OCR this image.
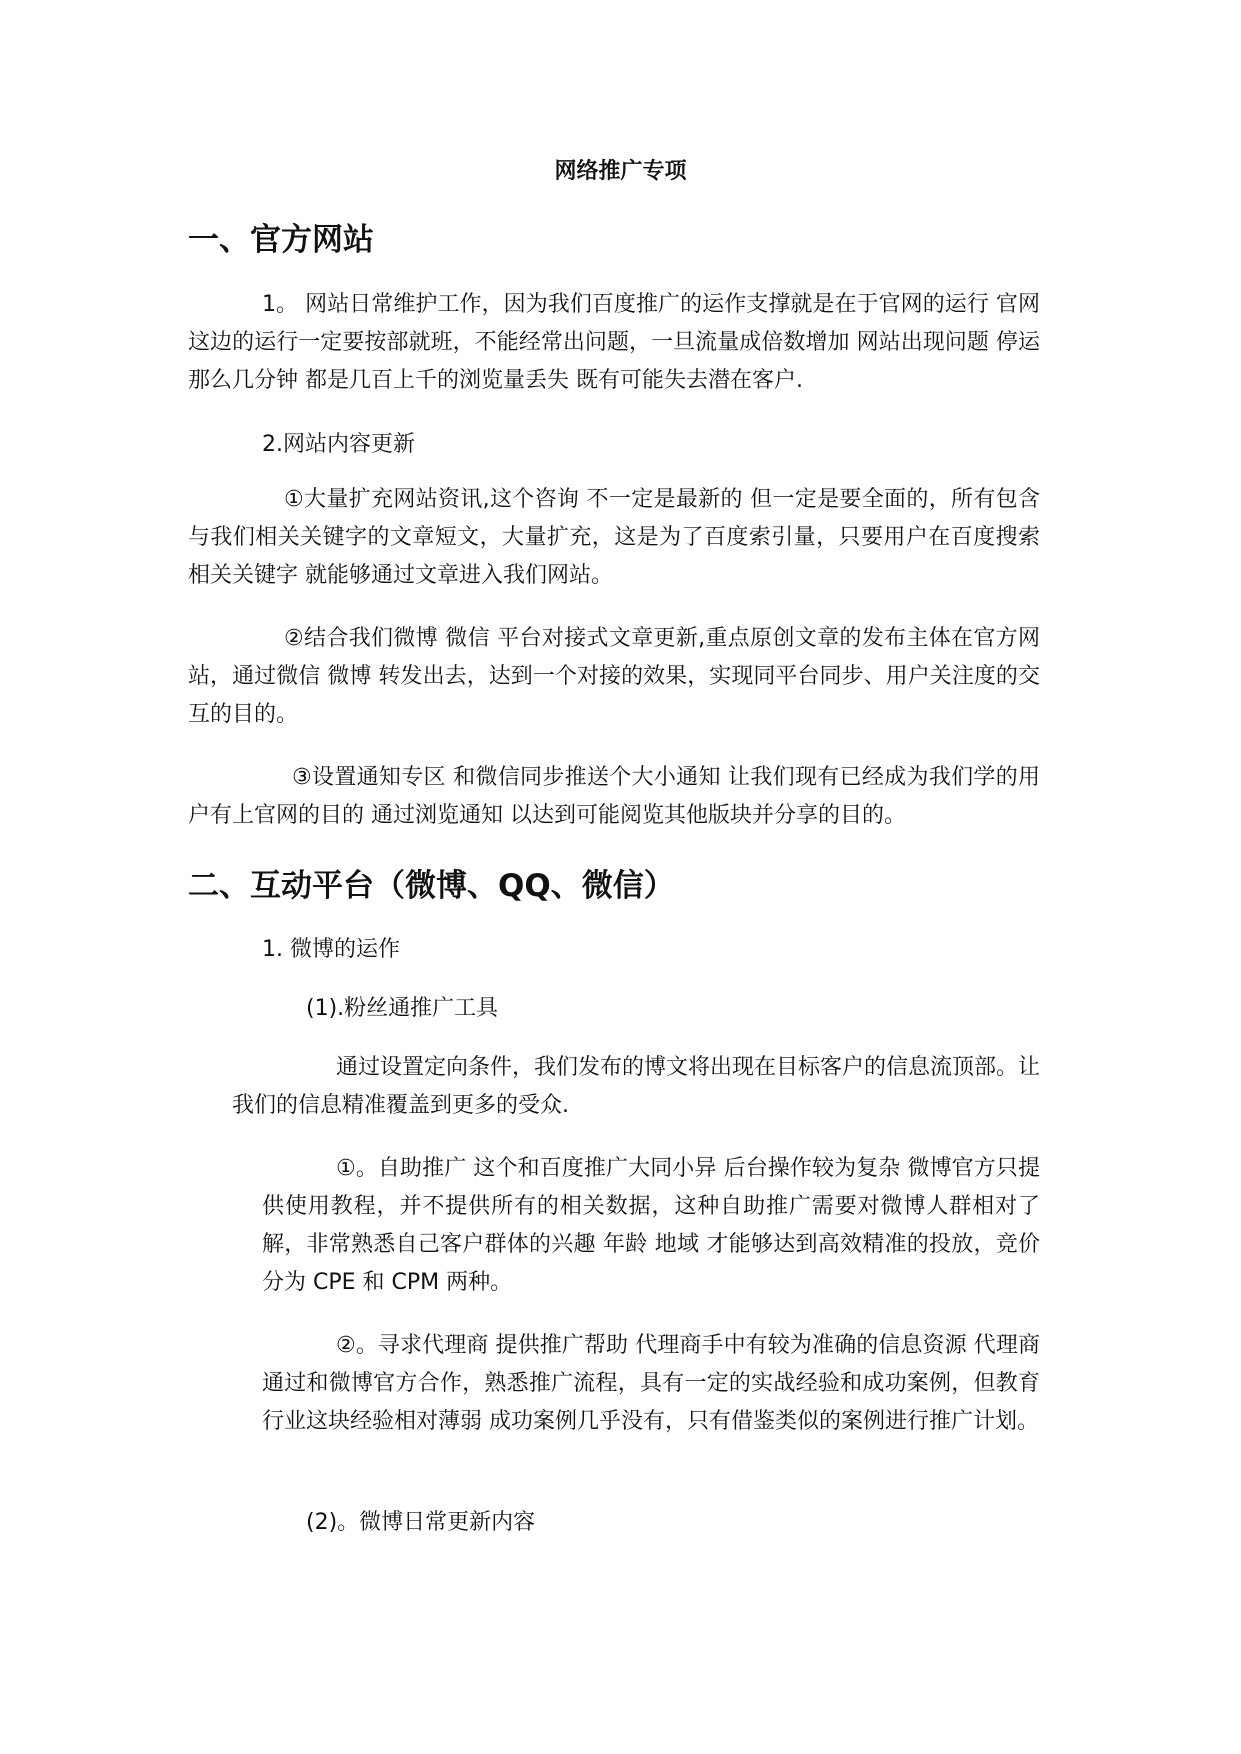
网络推广专项
一、官方网站

1。 网站日常维护工作，因为我们百度推广的运作支撑就是在于官网的运行 官网这边的运行一定要按部就班，不能经常出问题，一旦流量成倍数增加 网站出现问题 停运那么几分钟 都是几百上千的浏览量丢失 既有可能失去潜在客户.

2.网站内容更新

①大量扩充网站资讯,这个咨询 不一定是最新的 但一定是要全面的，所有包含与我们相关关键字的文章短文，大量扩充，这是为了百度索引量，只要用户在百度搜索相关关键字 就能够通过文章进入我们网站。

②结合我们微博 微信 平台对接式文章更新,重点原创文章的发布主体在官方网站，通过微信 微博 转发出去，达到一个对接的效果，实现同平台同步、用户关注度的交互的目的。

③设置通知专区 和微信同步推送个大小通知 让我们现有已经成为我们学的用户有上官网的目的 通过浏览通知 以达到可能阅览其他版块并分享的目的。

二、互动平台（微博、QQ、微信）

1. 微博的运作

(1).粉丝通推广工具

通过设置定向条件，我们发布的博文将出现在目标客户的信息流顶部。让我们的信息精准覆盖到更多的受众.

①。自助推广 这个和百度推广大同小异 后台操作较为复杂 微博官方只提供使用教程，并不提供所有的相关数据，这种自助推广需要对微博人群相对了解，非常熟悉自己客户群体的兴趣 年龄 地域 才能够达到高效精准的投放，竞价分为 CPE 和 CPM 两种。

②。寻求代理商 提供推广帮助 代理商手中有较为准确的信息资源 代理商通过和微博官方合作，熟悉推广流程，具有一定的实战经验和成功案例，但教育行业这块经验相对薄弱 成功案例几乎没有，只有借鉴类似的案例进行推广计划。

(2)。微博日常更新内容
